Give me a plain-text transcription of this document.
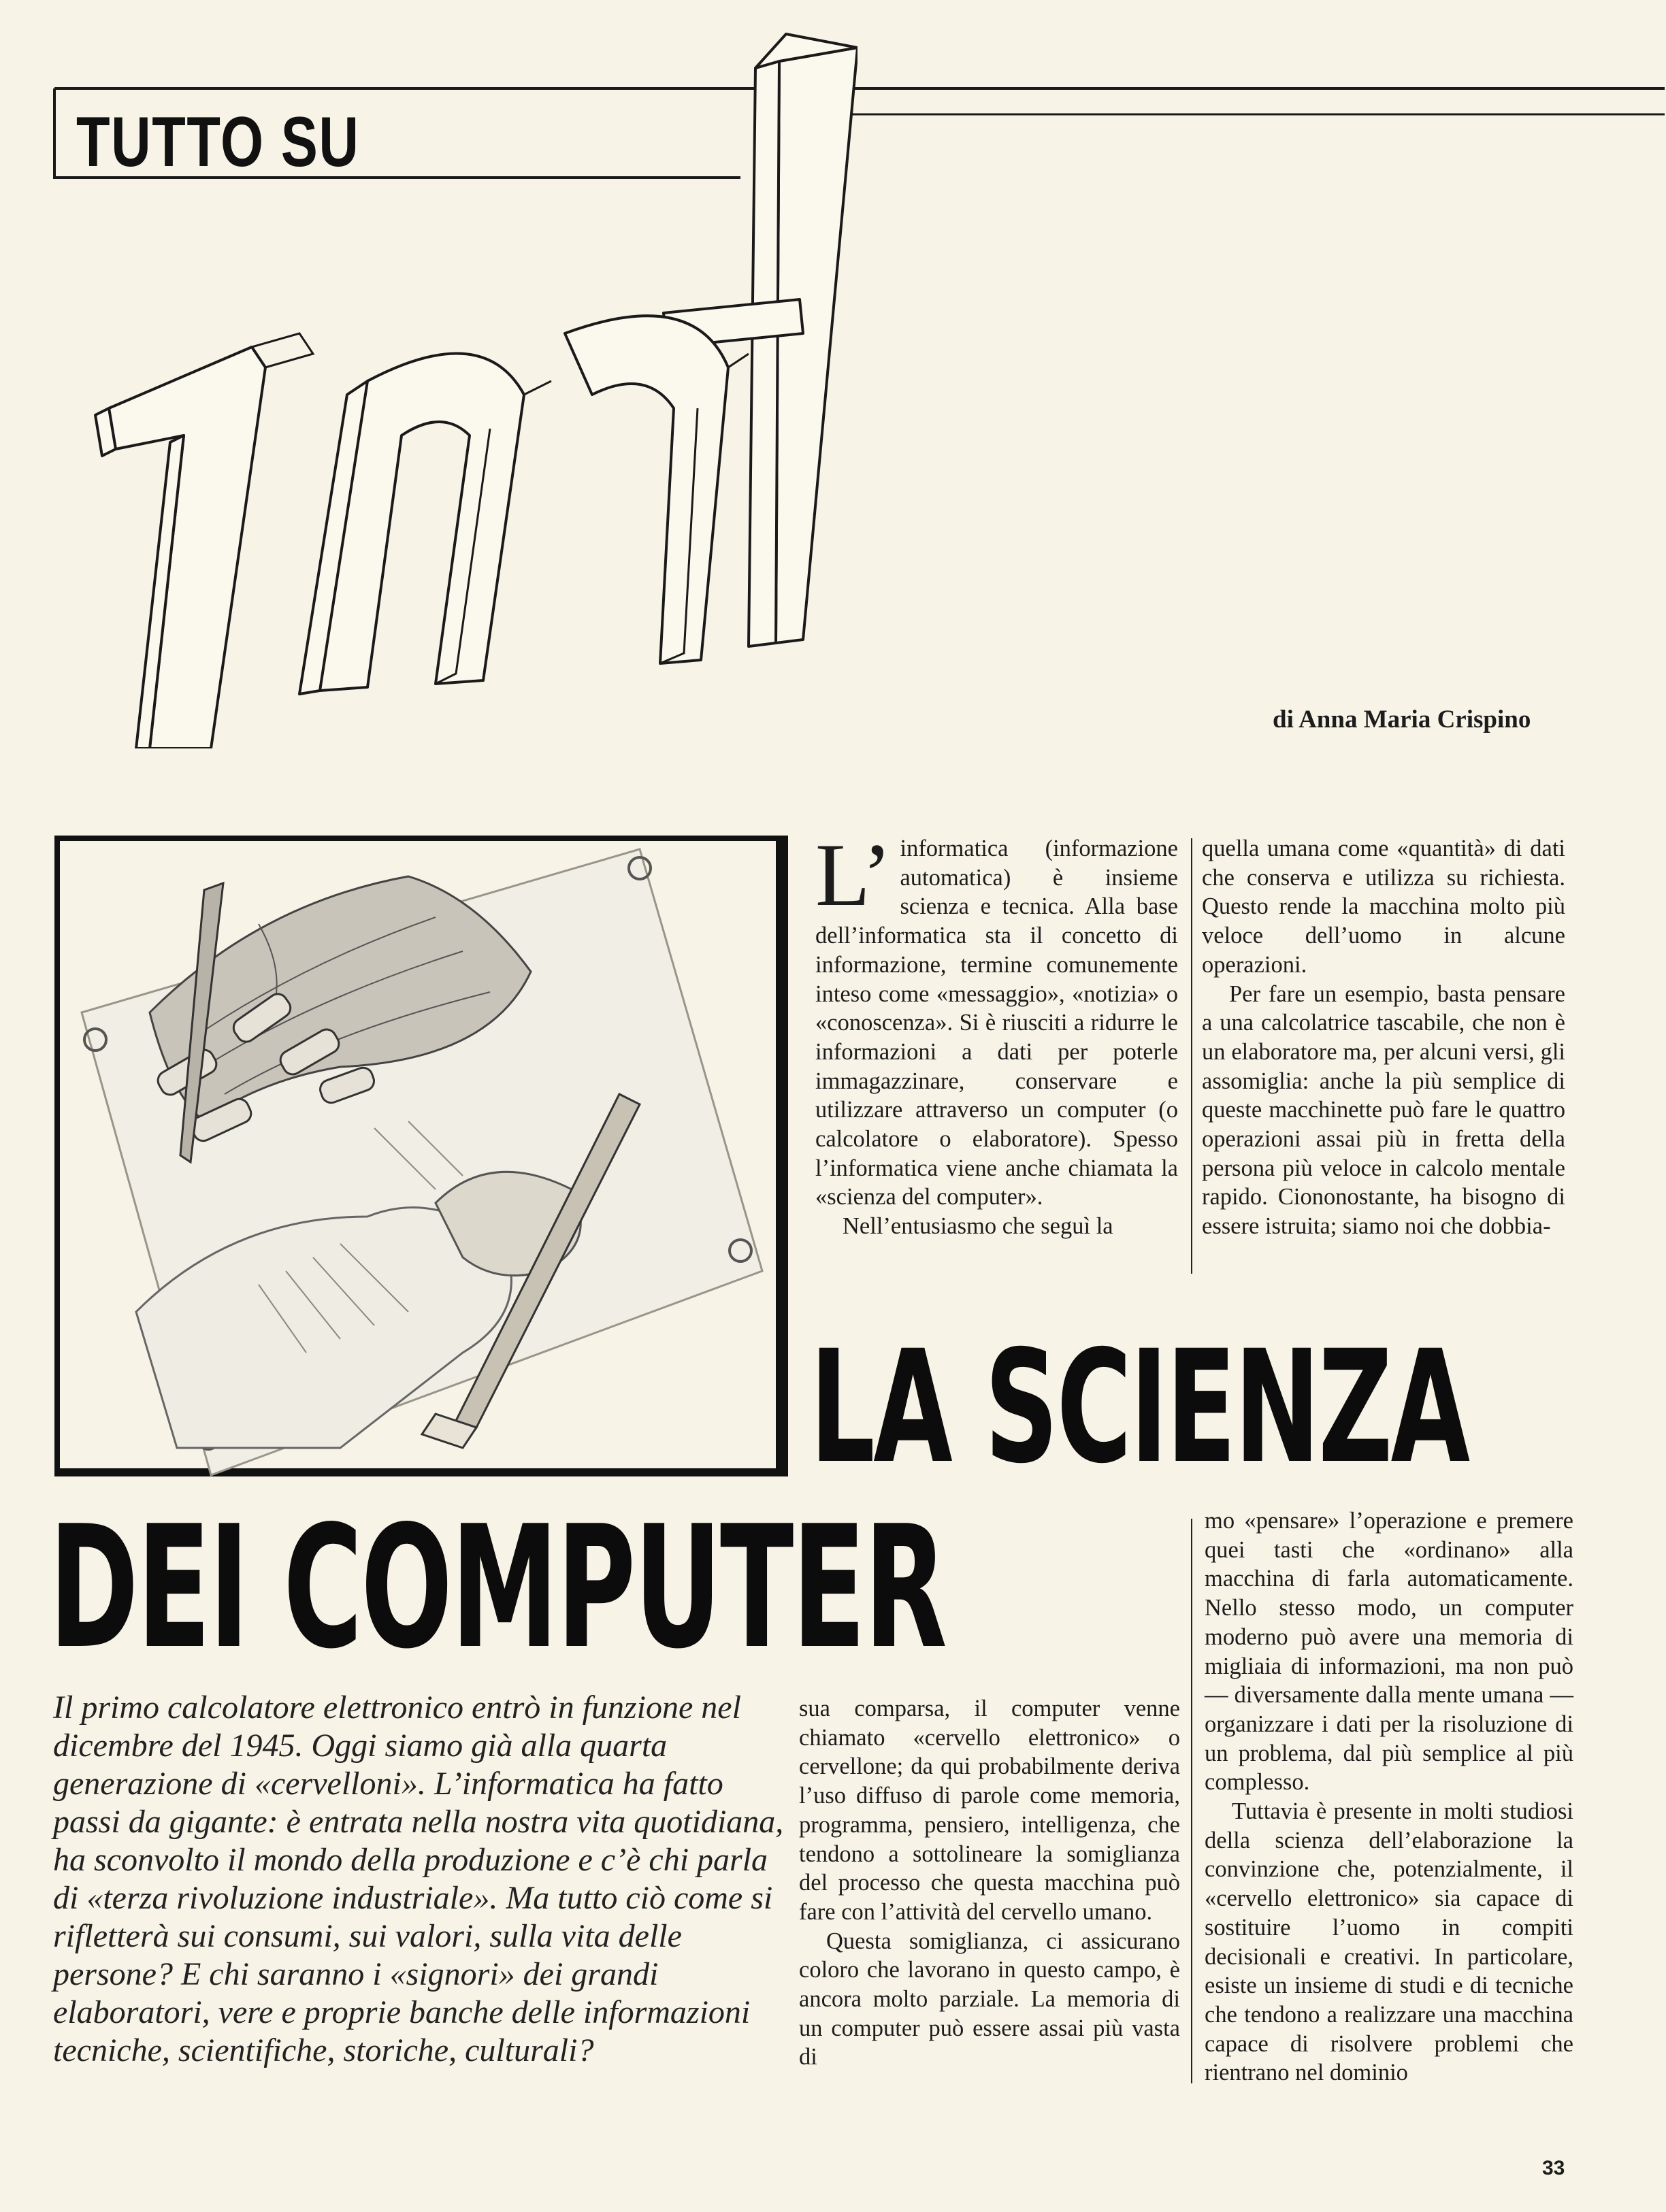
TUTTO SU
di Anna Maria Crispino
LA SCIENZA
DEI COMPUTER

L’ informatica (informazione automatica) è insieme scienza e tecnica. Alla base dell’informatica sta il concetto di informazione, termine comunemente inteso come «messaggio», «notizia» o «conoscenza». Si è riusciti a ridurre le informazioni a dati per poterle immagazzinare, conservare e utilizzare attraverso un computer (o calcolatore o elaboratore). Spesso l’informatica viene anche chiamata la «scienza del computer».

Nell’entusiasmo che seguì la

quella umana come «quantità» di dati che conserva e utilizza su richiesta. Questo rende la macchina molto più veloce dell’uomo in alcune operazioni.

Per fare un esempio, basta pensare a una calcolatrice tascabile, che non è un elaboratore ma, per alcuni versi, gli assomiglia: anche la più semplice di queste macchinette può fare le quattro operazioni assai più in fretta della persona più veloce in calcolo mentale rapido. Ciononostante, ha bisogno di essere istruita; siamo noi che dobbia-

Il primo calcolatore elettronico entrò in funzione nel dicembre del 1945. Oggi siamo già alla quarta generazione di «cervelloni». L’informatica ha fatto passi da gigante: è entrata nella nostra vita quotidiana, ha sconvolto il mondo della produzione e c’è chi parla di «terza rivoluzione industriale». Ma tutto ciò come si rifletterà sui consumi, sui valori, sulla vita delle persone? E chi saranno i «signori» dei grandi elaboratori, vere e proprie banche delle informazioni tecniche, scientifiche, storiche, culturali?

sua comparsa, il computer venne chiamato «cervello elettronico» o cervellone; da qui probabilmente deriva l’uso diffuso di parole come memoria, programma, pensiero, intelligenza, che tendono a sottolineare la somiglianza del processo che questa macchina può fare con l’attività del cervello umano.

Questa somiglianza, ci assicurano coloro che lavorano in questo campo, è ancora molto parziale. La memoria di un computer può essere assai più vasta di

mo «pensare» l’operazione e premere quei tasti che «ordinano» alla macchina di farla automaticamente. Nello stesso modo, un computer moderno può avere una memoria di migliaia di informazioni, ma non può — diversamente dalla mente umana — organizzare i dati per la risoluzione di un problema, dal più semplice al più complesso.

Tuttavia è presente in molti studiosi della scienza dell’elaborazione la convinzione che, potenzialmente, il «cervello elettronico» sia capace di sostituire l’uomo in compiti decisionali e creativi. In particolare, esiste un insieme di studi e di tecniche che tendono a realizzare una macchina capace di risolvere problemi che rientrano nel dominio

33
